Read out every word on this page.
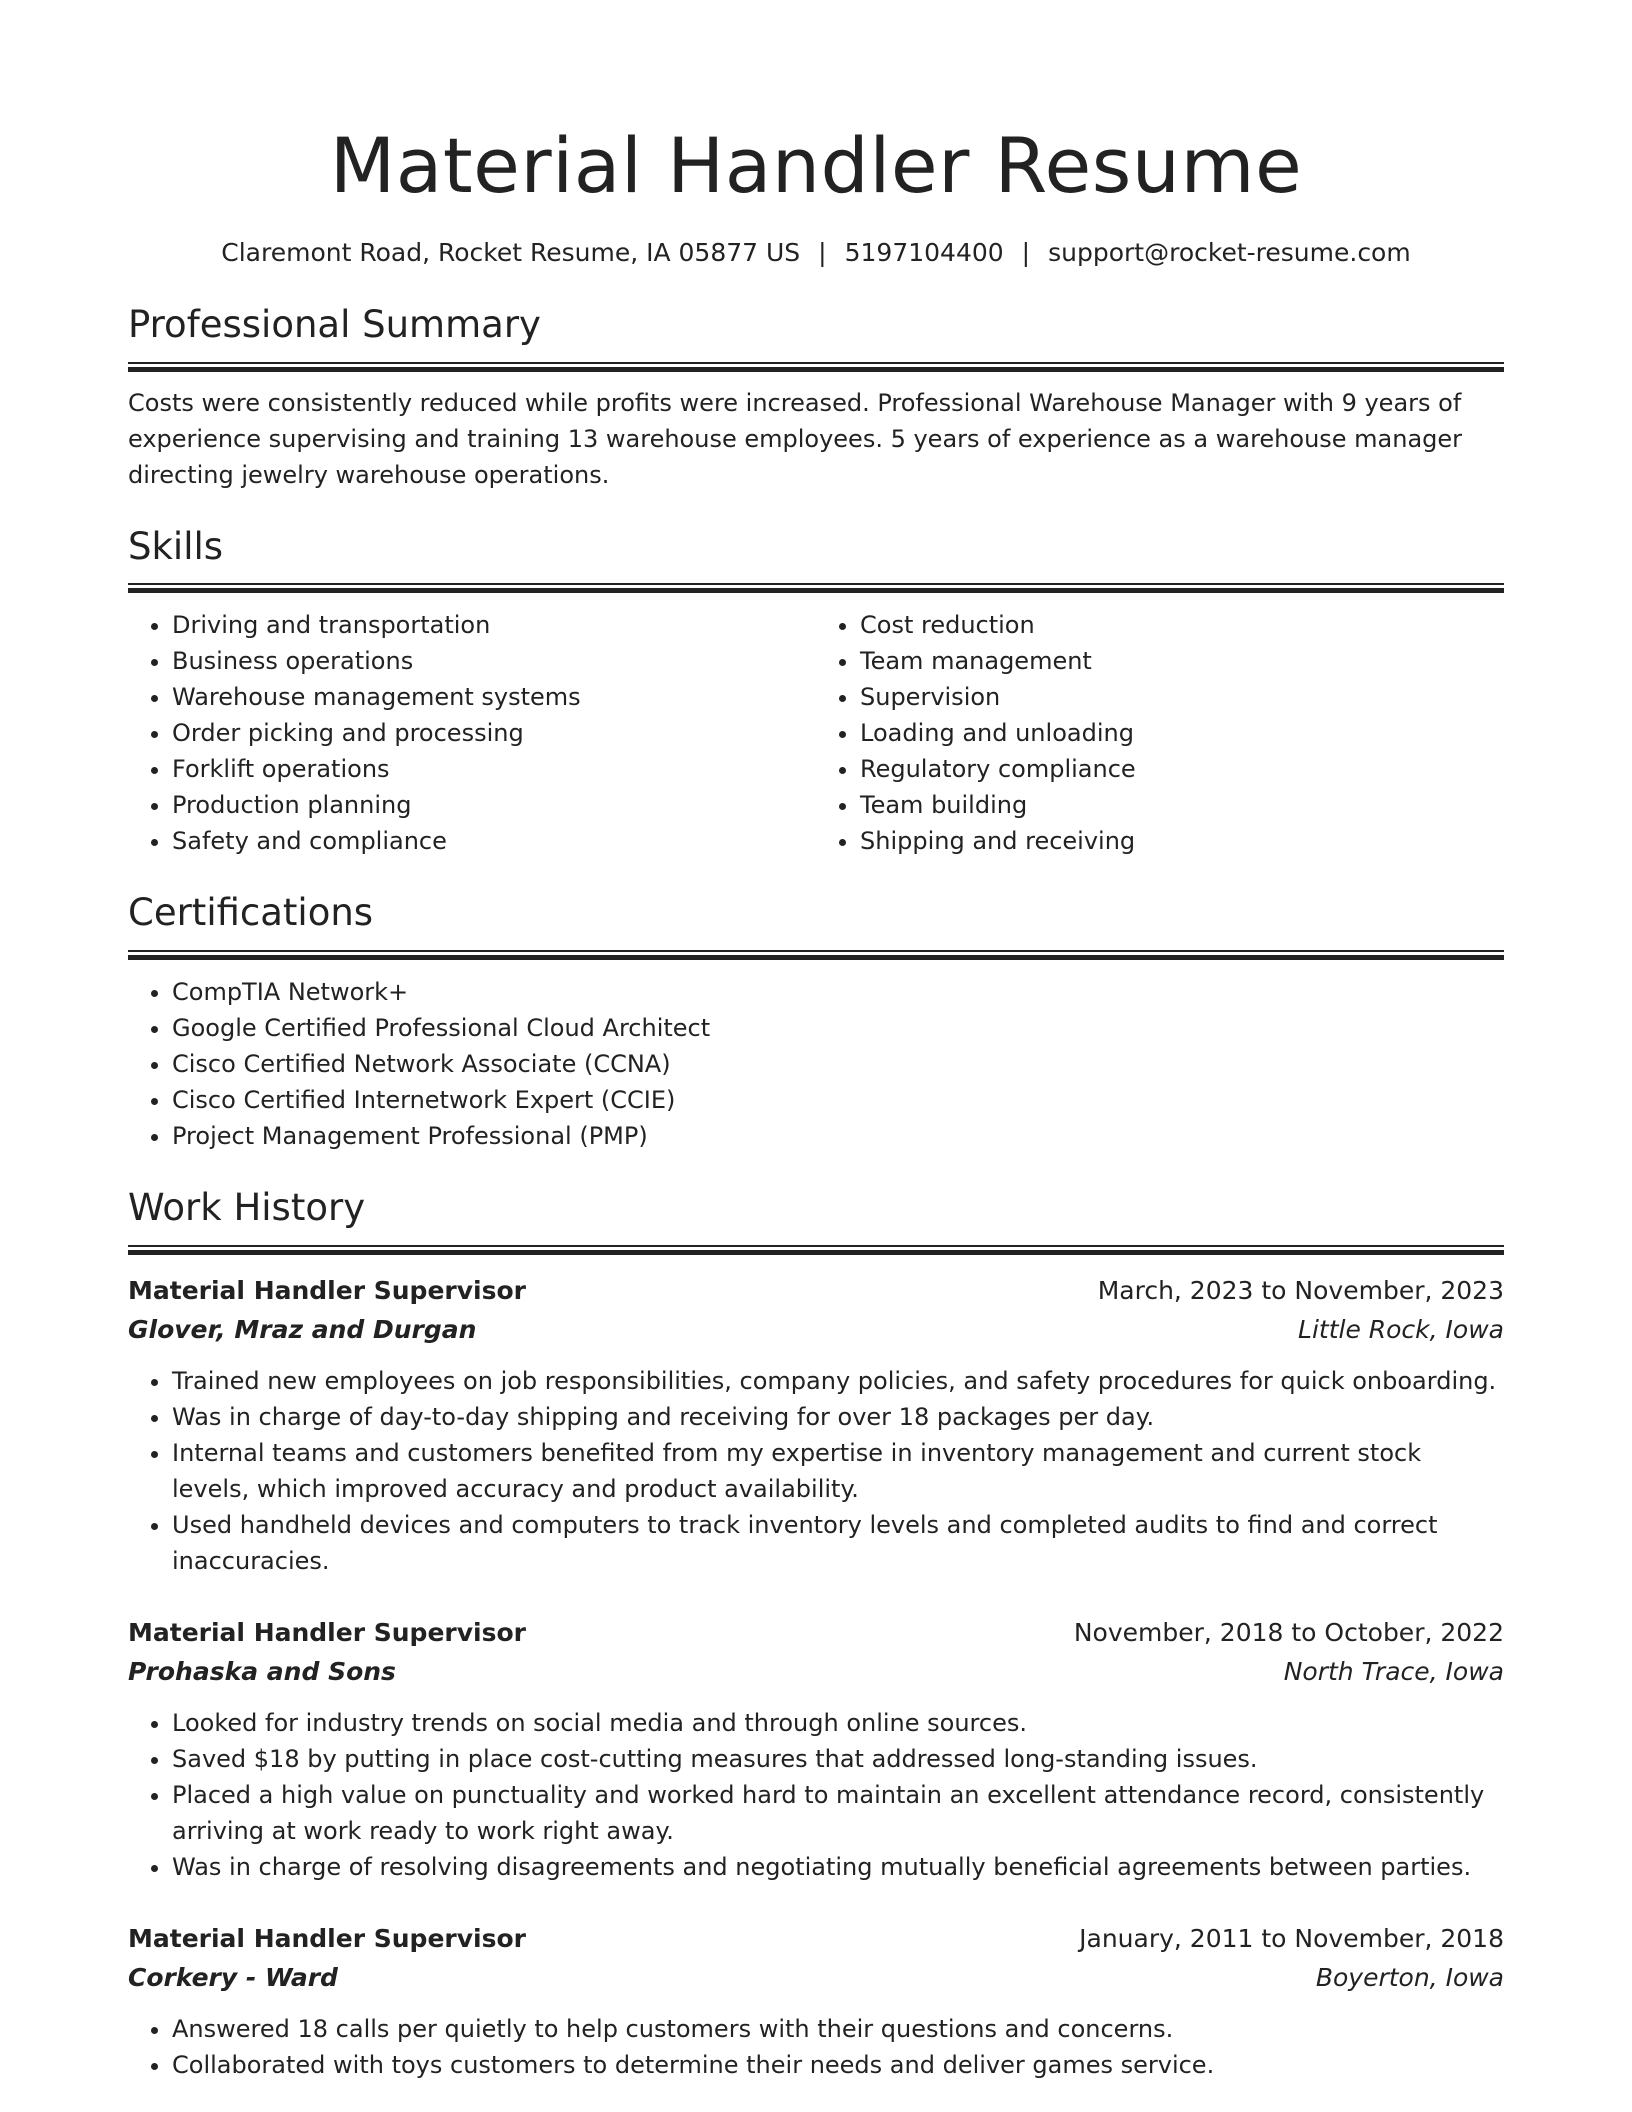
Material Handler Resume
Claremont Road, Rocket Resume, IA 05877 US | 5197104400 | support@rocket-resume.com
Professional Summary
Costs were consistently reduced while profits were increased. Professional Warehouse Manager with 9 years of experience supervising and training 13 warehouse employees. 5 years of experience as a warehouse manager directing jewelry warehouse operations.
Skills
• Driving and transportation
• Business operations
• Warehouse management systems
• Order picking and processing
• Forklift operations
• Production planning
• Safety and compliance
• Cost reduction
• Team management
• Supervision
• Loading and unloading
• Regulatory compliance
• Team building
• Shipping and receiving
Certifications
• CompTIA Network+
• Google Certified Professional Cloud Architect
• Cisco Certified Network Associate (CCNA)
• Cisco Certified Internetwork Expert (CCIE)
• Project Management Professional (PMP)
Work History
Material Handler Supervisor	March, 2023 to November, 2023
Glover, Mraz and Durgan	Little Rock, Iowa
• Trained new employees on job responsibilities, company policies, and safety procedures for quick onboarding.
• Was in charge of day-to-day shipping and receiving for over 18 packages per day.
• Internal teams and customers benefited from my expertise in inventory management and current stock levels, which improved accuracy and product availability.
• Used handheld devices and computers to track inventory levels and completed audits to find and correct inaccuracies.
Material Handler Supervisor	November, 2018 to October, 2022
Prohaska and Sons	North Trace, Iowa
• Looked for industry trends on social media and through online sources.
• Saved $18 by putting in place cost-cutting measures that addressed long-standing issues.
• Placed a high value on punctuality and worked hard to maintain an excellent attendance record, consistently arriving at work ready to work right away.
• Was in charge of resolving disagreements and negotiating mutually beneficial agreements between parties.
Material Handler Supervisor	January, 2011 to November, 2018
Corkery - Ward	Boyerton, Iowa
• Answered 18 calls per quietly to help customers with their questions and concerns.
• Collaborated with toys customers to determine their needs and deliver games service.
